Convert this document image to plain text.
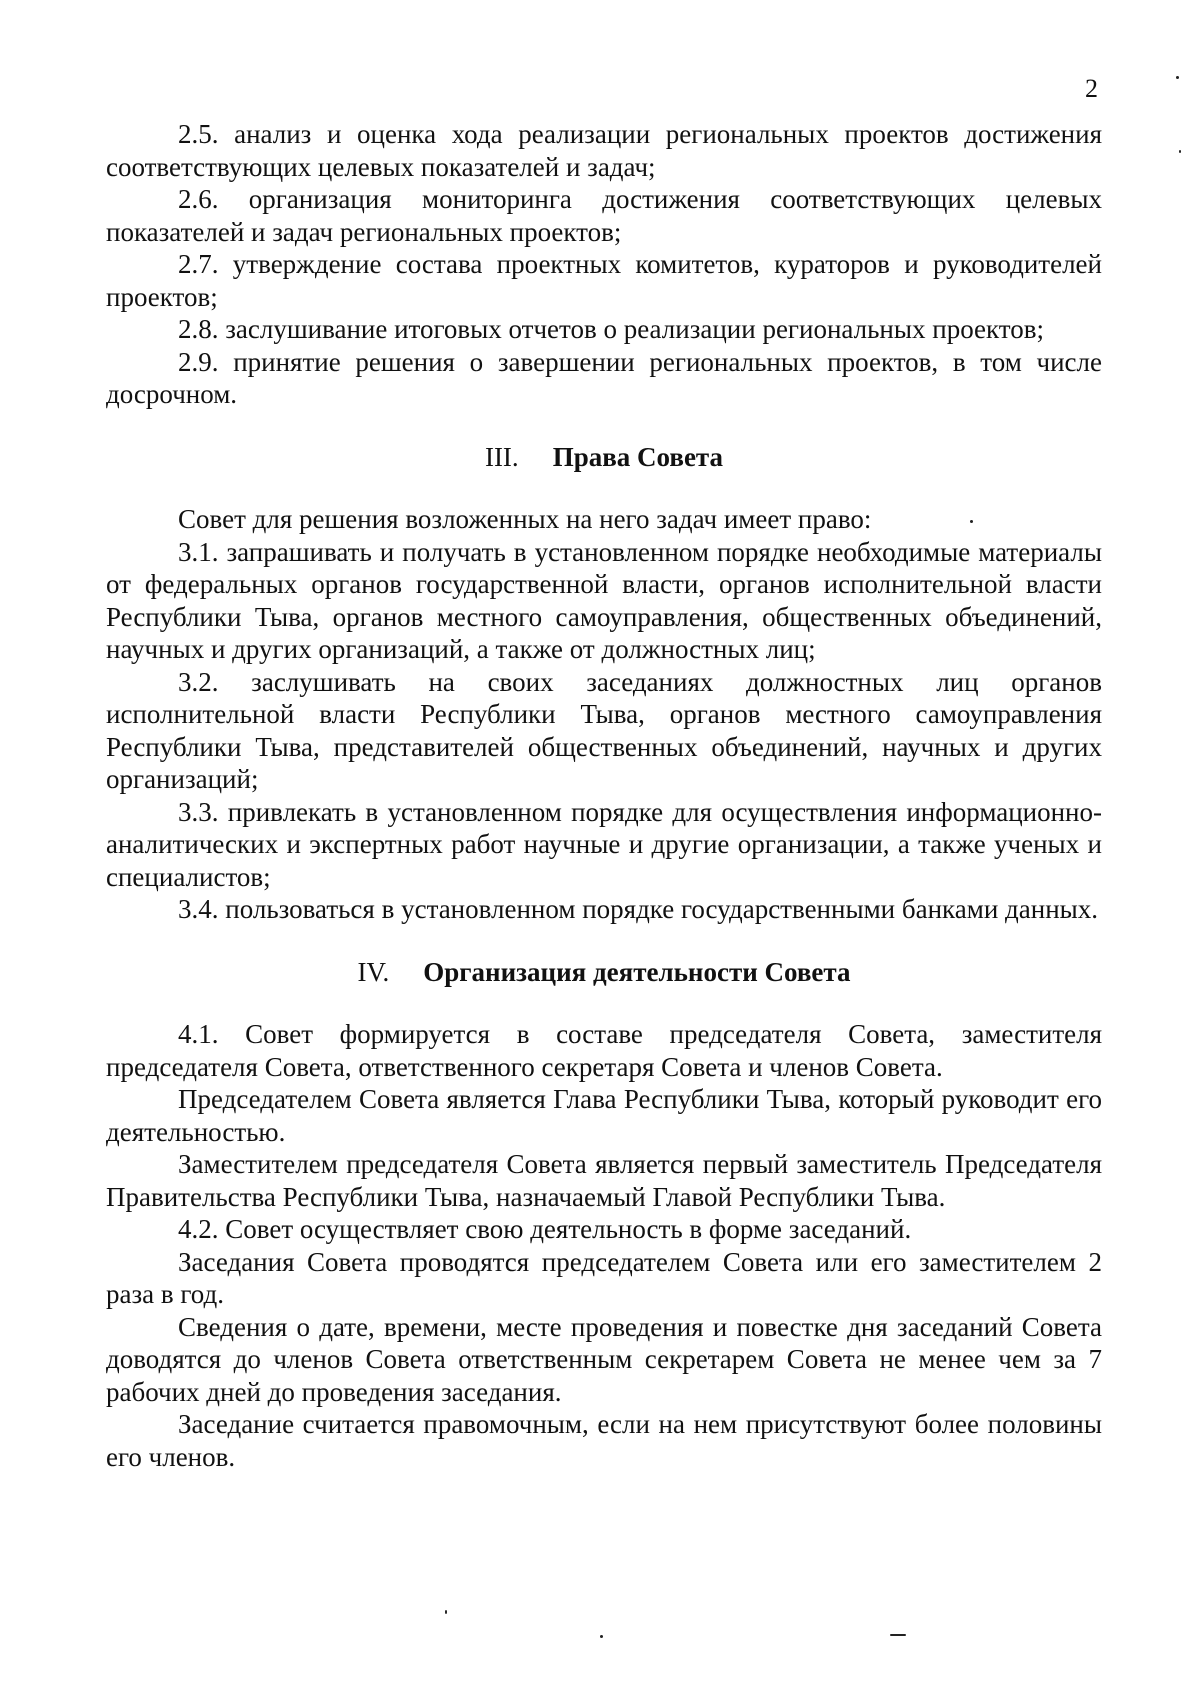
2

2.5. анализ и оценка хода реализации региональных проектов достижения соответствующих целевых показателей и задач;

2.6. организация мониторинга достижения соответствующих целевых показателей и задач региональных проектов;

2.7. утверждение состава проектных комитетов, кураторов и руководителей проектов;

2.8. заслушивание итоговых отчетов о реализации региональных проектов;

2.9. принятие решения о завершении региональных проектов, в том числе досрочном.

III. Права Совета

Совет для решения возложенных на него задач имеет право:

3.1. запрашивать и получать в установленном порядке необходимые материалы от федеральных органов государственной власти, органов исполнительной власти Республики Тыва, органов местного самоуправления, общественных объединений, научных и других организаций, а также от должностных лиц;

3.2. заслушивать на своих заседаниях должностных лиц органов исполнительной власти Республики Тыва, органов местного самоуправления Республики Тыва, представителей общественных объединений, научных и других организаций;

3.3. привлекать в установленном порядке для осуществления информационно-аналитических и экспертных работ научные и другие организации, а также ученых и специалистов;

3.4. пользоваться в установленном порядке государственными банками данных.

IV. Организация деятельности Совета

4.1. Совет формируется в составе председателя Совета, заместителя председателя Совета, ответственного секретаря Совета и членов Совета.

Председателем Совета является Глава Республики Тыва, который руководит его деятельностью.

Заместителем председателя Совета является первый заместитель Председателя Правительства Республики Тыва, назначаемый Главой Республики Тыва.

4.2. Совет осуществляет свою деятельность в форме заседаний.

Заседания Совета проводятся председателем Совета или его заместителем 2 раза в год.

Сведения о дате, времени, месте проведения и повестке дня заседаний Совета доводятся до членов Совета ответственным секретарем Совета не менее чем за 7 рабочих дней до проведения заседания.

Заседание считается правомочным, если на нем присутствуют более половины его членов.
